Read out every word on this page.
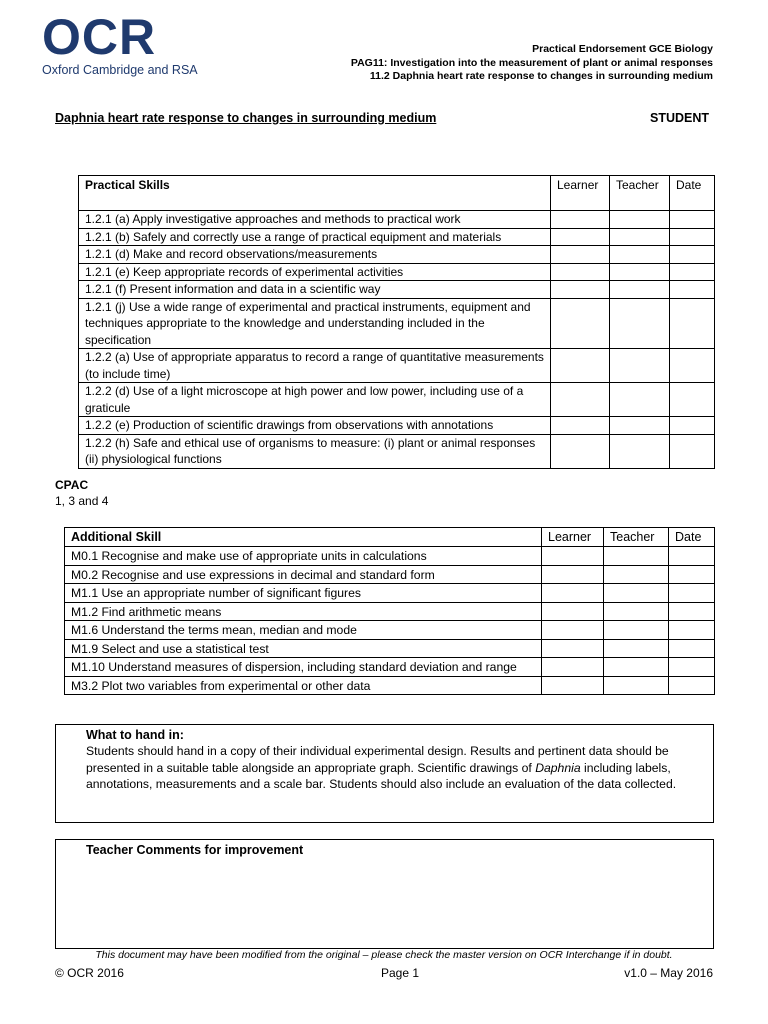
OCR
Oxford Cambridge and RSA
Practical Endorsement GCE Biology
PAG11: Investigation into the measurement of plant or animal responses
11.2 Daphnia heart rate response to changes in surrounding medium
Daphnia heart rate response to changes in surrounding medium	STUDENT
Practical Skills	Learner	Teacher	Date
1.2.1 (a) Apply investigative approaches and methods to practical work			
1.2.1 (b) Safely and correctly use a range of practical equipment and materials			
1.2.1 (d) Make and record observations/measurements			
1.2.1 (e) Keep appropriate records of experimental activities			
1.2.1 (f) Present information and data in a scientific way			
1.2.1 (j) Use a wide range of experimental and practical instruments, equipment and techniques appropriate to the knowledge and understanding included in the specification			
1.2.2 (a) Use of appropriate apparatus to record a range of quantitative measurements (to include time)			
1.2.2 (d) Use of a light microscope at high power and low power, including use of a graticule			
1.2.2 (e) Production of scientific drawings from observations with annotations			
1.2.2 (h) Safe and ethical use of organisms to measure: (i) plant or animal responses (ii) physiological functions			
CPAC
1, 3 and 4
Additional Skill	Learner	Teacher	Date
M0.1 Recognise and make use of appropriate units in calculations			
M0.2 Recognise and use expressions in decimal and standard form			
M1.1 Use an appropriate number of significant figures			
M1.2 Find arithmetic means			
M1.6 Understand the terms mean, median and mode			
M1.9 Select and use a statistical test			
M1.10 Understand measures of dispersion, including standard deviation and range			
M3.2 Plot two variables from experimental or other data			
What to hand in:
Students should hand in a copy of their individual experimental design. Results and pertinent data should be presented in a suitable table alongside an appropriate graph. Scientific drawings of Daphnia including labels, annotations, measurements and a scale bar. Students should also include an evaluation of the data collected.
Teacher Comments for improvement
This document may have been modified from the original – please check the master version on OCR Interchange if in doubt.
© OCR 2016	Page 1	v1.0 – May 2016
